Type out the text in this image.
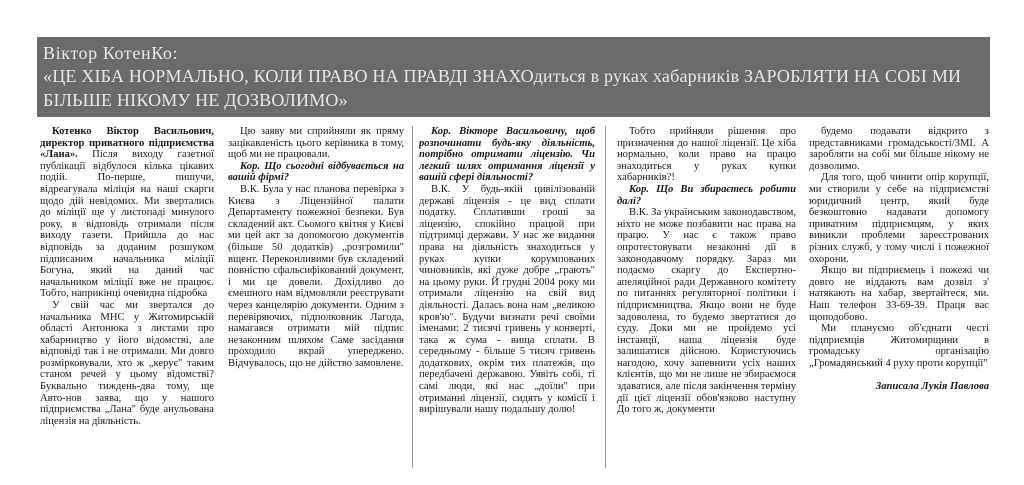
Віктор КотенКо:
«ЦЕ ХІБА НОРМАЛЬНО, КОЛИ ПРАВО НА ПРАВДІ ЗНАХОдиться в руках хабарників ЗАРОБЛЯТИ НА СОБІ МИ БІЛЬШЕ НІКОМУ НЕ ДОЗВОЛИМО»

Котенко Віктор Васильович, директор приватного підприємства «Лана». Після виходу газетної публікації відбулося кілька цікавих подій. По-перше, пишучи, відреагувала міліція на наші скарги щодо дій невідомих. Ми звертались до міліції ще у листопаді минулого року, в відповідь отримали після виходу газети. Прийшла до нас відповідь за доданим розшуком підписаним начальника міліції Богуна, який на даний час начальником міліції вже не працює. Тобто, наприкінці очевидна підробка

У свій час ми звертался до начальника МНС у Житомирській області Антонюка з листами про хабарництво у його відомстві, але відповіді так і не отримали. Ми довго розмірковували, хто ж „керує" таким станом речей у цьому відомстві? Буквально тиждень-два тому, ще Авто-нов заява, що у нашого підприємства „Лана" буде анульована ліцензія на діяльність.

Цю заяву ми сприйняли як пряму зацікавленість цього керівника в тому, щоб ми не працювали.

Кор. Що сьогодні відбувається на вашій фірмі?

В.К. Була у нас планова перевірка з Києва з Ліцензійної палати Департаменту пожежної безпеки. Був складений акт. Cьомого квітня у Києві ми цей акт за допомогою документів (більше 50 додатків) „розгромили" вщент. Переконливими був складений повністю сфальсифікований документ, і ми це довели. Дохідливо до ємешного нам відмовляли реєструвати через канцелярію документи. Одним з перевіряючих, підполковник Лагода, намагався отримати мій підпис незаконним шляхом Саме засідання проходило вкрай упереджено. Відчувалось, що не дійство замовлене.

Кор. Вікторе Васильовичу, щоб розпочинати будь-яку діяльність, потрібно отримати ліцензію. Чи легкий шлях отримання ліцензії у вашій сфері діяльності?

В.К. У будь-якій цивілізованій державі ліцензія - це вид сплати податку. Сплативши гроші за ліцензію, спокійно працюй при підтримці держави. У нас же видання права на діяльність знаходиться у руках купки корумпованих чиновників, які дуже добре „грають" на цьому руки. Й грудні 2004 року ми отримали ліцензію на свій вид діяльності. Далась вона нам „великою кров'ю". Будучи визнати речі своїми іменами: 2 тисячі гривень у конверті, така ж сума - вища сплати. В середньому - більше 5 тисяч гривень додаткових, окрім тих платежів, що передбачені державою. Уявіть собі, ті самі люди, які нас „доїли" при отриманні ліцензії, сидять у комісії і вирішували нашу подальшу долю!

Тобто прийняли рішення про призначення до нашої ліцензії. Це хіба нормально, коли право на працю знаходиться у руках купки хабарників?!

Кор. Що Ви збираєтесь робити далі?

В.К. За українським законодавством, ніхто не може позбавити нас права на працю. У нас є також право опротестовувати незаконні дії в законодавчому порядку. Зараз ми подаємо скаргу до Експертно-апеляційної ради Державного комітету по питаннях регуляторної політики і підприємництва. Якщо вони не буде задоволена, то будемо звертатися до суду. Доки ми не пройдемо усі інстанції, наша ліцензія буде залишатися дійсною. Користуючись нагодою, хочу запевнити усіх наших клієнтів, що ми не лише не збираємося здаватися, але після закінчення терміну дії цієї ліцензії обов'язково наступну До того ж, документи

будемо подавати відкрито з представниками громадськості/ЗМІ. А заробляти на собі ми більше нікому не дозволимо.

Для того, щоб чинити опір корупції, ми створили у себе на підприємстві юридичний центр, який буде безкоштовно надавати допомогу приватним підприємцям, у яких виникли проблеми зареєстрованих різних служб, у тому числі і пожежної охорони.

Якщо ви підприємець і пожежі чи довго не віддають вам дозвіл з' натякають на хабар, звертайтеся, ми. Наш телефон 33-69-39. Праця вас щоподобово.

Ми плануємо об'єднати честі підприємців Житомирщини в громадську організацію „Громадянський 4 руху проти корупції"

Записала Лукія Павлова
